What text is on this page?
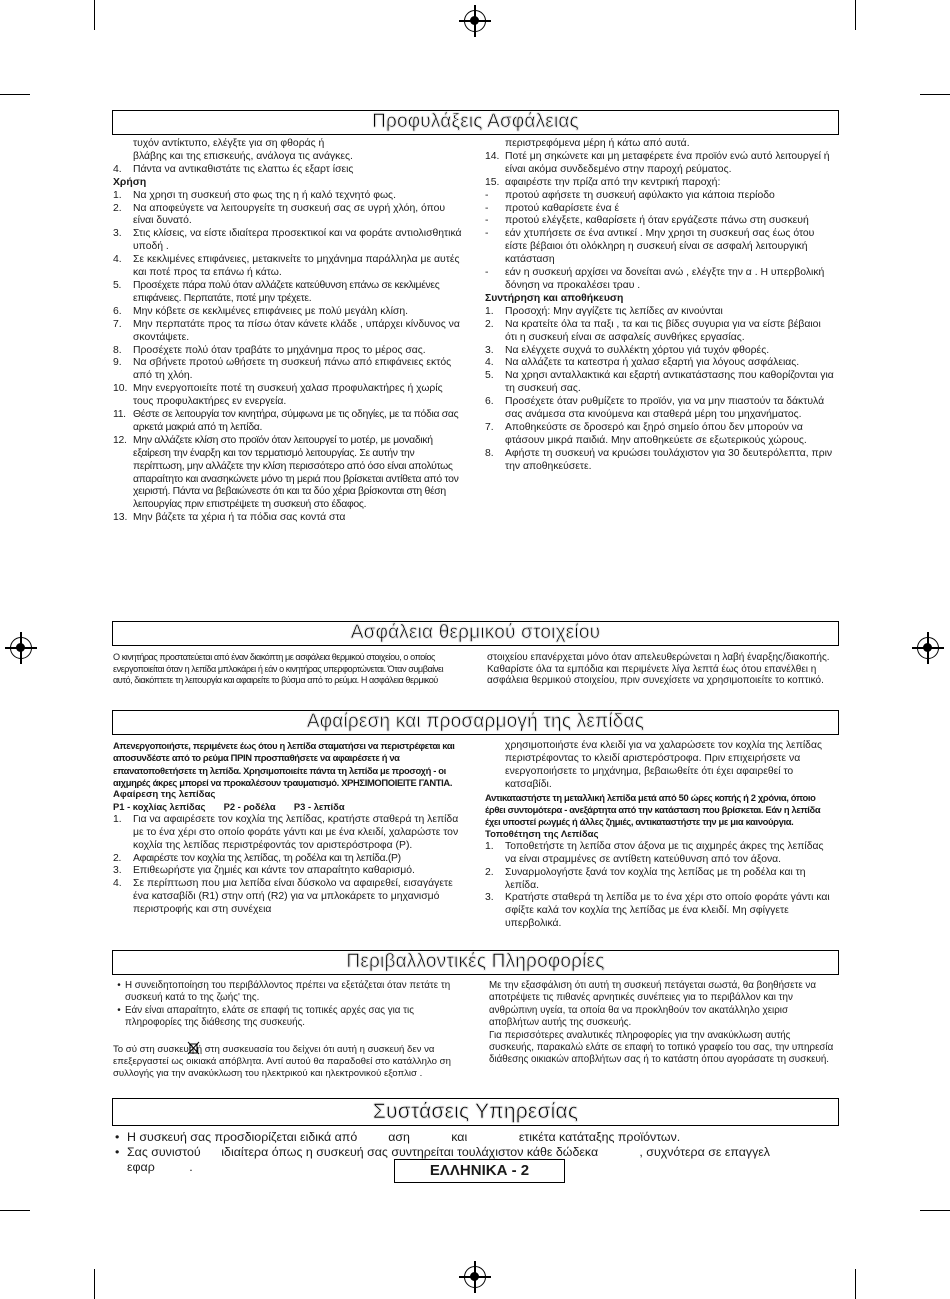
Προφυλάξεις Ασφάλειας
τυχόν αντίκτυπο, ελέγξτε για ση φθοράς ή
βλάβης και της επισκευής, ανάλογα τις ανάγκες.
4.	Πάντα να αντικαθιστάτε τις ελαττω ές εξαρτ ίσεις
Χρήση
1.	Να χρησι τη συσκευή στο φως της η ή καλό τεχνητό φως.
2.	Να αποφεύγετε να λειτουργείτε τη συσκευή σας σε υγρή χλόη, όπου είναι δυνατό.
3.	Στις κλίσεις, να είστε ιδιαίτερα προσεκτικοί και να φοράτε αντιολισθητικά υποδή .
4.	Σε κεκλιμένες επιφάνειες, μετακινείτε το μηχάνημα παράλληλα με αυτές και ποτέ προς τα επάνω ή κάτω.
5.	Προσέχετε πάρα πολύ όταν αλλάζετε κατεύθυνση επάνω σε κεκλιμένες επιφάνειες. Περπατάτε, ποτέ μην τρέχετε.
6.	Μην κόβετε σε κεκλιμένες επιφάνειες με πολύ μεγάλη κλίση.
7.	Μην περπατάτε προς τα πίσω όταν κάνετε κλάδε , υπάρχει κίνδυνος να σκοντάψετε.
8.	Προσέχετε πολύ όταν τραβάτε το μηχάνημα προς το μέρος σας.
9.	Να σβήνετε προτού ωθήσετε τη συσκευή πάνω από επιφάνειες εκτός από τη χλόη.
10. Μην ενεργοποιείτε ποτέ τη συσκευή χαλασ προφυλακτήρες ή χωρίς τους προφυλακτήρες εν ενεργεία.
11. Θέστε σε λειτουργία τον κινητήρα, σύμφωνα με τις οδηγίες, με τα πόδια σας αρκετά μακριά από τη λεπίδα.
12. Μην αλλάζετε κλίση στο προϊόν όταν λειτουργεί το μοτέρ, με μοναδική εξαίρεση την έναρξη και τον τερματισμό λειτουργίας. Σε αυτήν την περίπτωση, μην αλλάζετε την κλίση περισσότερο από όσο είναι απολύτως απαραίτητο και ανασηκώνετε μόνο τη μεριά που βρίσκεται αντίθετα από τον χειριστή. Πάντα να βεβαιώνεστε ότι και τα δύο χέρια βρίσκονται στη θέση λειτουργίας πριν επιστρέψετε τη συσκευή στο έδαφος.
13. Μην βάζετε τα χέρια ή τα πόδια σας κοντά στα
περιστρεφόμενα μέρη ή κάτω από αυτά.
14. Ποτέ μη σηκώνετε και μη μεταφέρετε ένα προϊόν ενώ αυτό λειτουργεί ή είναι ακόμα συνδεδεμένο στην παροχή ρεύματος.
15. αφαιρέστε την πρίζα από την κεντρική παροχή:
-	προτού αφήσετε τη συσκευή αφύλακτο για κάποια περίοδο
-	προτού καθαρίσετε ένα έ
-	προτού ελέγξετε, καθαρίσετε ή όταν εργάζεστε πάνω στη συσκευή
-	εάν χτυπήσετε σε ένα αντικεί . Μην χρησι τη συσκευή σας έως ότου είστε βέβαιοι ότι ολόκληρη η συσκευή είναι σε ασφαλή λειτουργική κατάσταση
-	εάν η συσκευή αρχίσει να δονείται ανώ , ελέγξτε την α . Η υπερβολική δόνηση να προκαλέσει τραυ .
Συντήρηση και αποθήκευση
1.	Προσοχή: Μην αγγίζετε τις λεπίδες αν κινούνται
2.	Να κρατείτε όλα τα παξι , τα και τις βίδες συγυρια για να είστε βέβαιοι ότι η συσκευή είναι σε ασφαλείς συνθήκες εργασίας.
3.	Να ελέγχετε συχνά το συλλέκτη χόρτου γιά τυχόν φθορές.
4.	Να αλλάζετε τα κατεστρα ή χαλασ εξαρτή για λόγους ασφάλειας.
5.	Να χρησι ανταλλακτικά και εξαρτή αντικατάστασης που καθορίζονται για τη συσκευή σας.
6.	Προσέχετε όταν ρυθμίζετε το προϊόν, για να μην πιαστούν τα δάκτυλά σας ανάμεσα στα κινούμενα και σταθερά μέρη του μηχανήματος.
7.	Αποθηκεύστε σε δροσερό και ξηρό σημείο όπου δεν μπορούν να φτάσουν μικρά παιδιά. Μην αποθηκεύετε σε εξωτερικούς χώρους.
8.	Αφήστε τη συσκευή να κρυώσει τουλάχιστον για 30 δευτερόλεπτα, πριν την αποθηκεύσετε.
Ασφάλεια θερμικού στοιχείου
Ο κινητήρας προστατεύεται από έναν διακόπτη με ασφάλεια θερμικού στοιχείου, ο οποίος ενεργοποιείται όταν η λεπίδα μπλοκάρει ή εάν ο κινητήρας υπερφορτώνεται. Όταν συμβαίνει αυτό, διακόπτετε τη λειτουργία και αφαιρείτε το βύσμα από το ρεύμα. Η ασφάλεια θερμικού
στοιχείου επανέρχεται μόνο όταν απελευθερώνεται η λαβή έναρξης/διακοπής. Καθαρίστε όλα τα εμπόδια και περιμένετε λίγα λεπτά έως ότου επανέλθει η ασφάλεια θερμικού στοιχείου, πριν συνεχίσετε να χρησιμοποιείτε το κοπτικό.
Αφαίρεση και προσαρμογή της λεπίδας

Απενεργοποιήστε, περιμένετε έως ότου η λεπίδα σταματήσει να περιστρέφεται και αποσυνδέστε από το ρεύμα ΠΡΙΝ προσπαθήσετε να αφαιρέσετε ή να επανατοποθετήσετε τη λεπίδα. Χρησιμοποιείτε πάντα τη λεπίδα με προσοχή - οι αιχμηρές άκρες μπορεί να προκαλέσουν τραυματισμό. ΧΡΗΣΙΜΟΠΟΙΕΙΤΕ ΓΑΝΤΙΑ.

Αφαίρεση της λεπίδας

P1 - κοχλίας λεπίδας       P2 - ροδέλα       P3 - λεπίδα

1.	Για να αφαιρέσετε τον κοχλία της λεπίδας, κρατήστε σταθερά τη λεπίδα με το ένα χέρι στο οποίο φοράτε γάντι και με ένα κλειδί, χαλαρώστε τον κοχλία της λεπίδας περιστρέφοντάς τον αριστερόστροφα (P).
2.	Αφαιρέστε τον κοχλία της λεπίδας, τη ροδέλα και τη λεπίδα.(P)
3.	Επιθεωρήστε για ζημιές και κάντε τον απαραίτητο καθαρισμό.
4.	Σε περίπτωση που μια λεπίδα είναι δύσκολο να αφαιρεθεί, εισαγάγετε ένα κατσαβίδι (R1) στην οπή (R2) για να μπλοκάρετε το μηχανισμό περιστροφής και στη συνέχεια

χρησιμοποιήστε ένα κλειδί για να χαλαρώσετε τον κοχλία της λεπίδας περιστρέφοντας το κλειδί αριστερόστροφα. Πριν επιχειρήσετε να ενεργοποιήσετε το μηχάνημα, βεβαιωθείτε ότι έχει αφαιρεθεί το κατσαβίδι.

Αντικαταστήστε τη μεταλλική λεπίδα μετά από 50 ώρες κοπής ή 2 χρόνια, όποιο έρθει συντομότερα - ανεξάρτητα από την κατάσταση που βρίσκεται. Εάν η λεπίδα έχει υποστεί ρωγμές ή άλλες ζημιές, αντικαταστήστε την με μια καινούργια.

Τοποθέτηση της Λεπίδας

1.	Τοποθετήστε τη λεπίδα στον άξονα με τις αιχμηρές άκρες της λεπίδας να είναι στραμμένες σε αντίθετη κατεύθυνση από τον άξονα.
2.	Συναρμολογήστε ξανά τον κοχλία της λεπίδας με τη ροδέλα και τη λεπίδα.
3.	Κρατήστε σταθερά τη λεπίδα με το ένα χέρι στο οποίο φοράτε γάντι και σφίξτε καλά τον κοχλία της λεπίδας με ένα κλειδί. Μη σφίγγετε υπερβολικά.
Περιβαλλοντικές Πληροφορίες
• Η συνειδητοποίηση του περιβάλλοντος πρέπει να εξετάζεται όταν πετάτε τη συσκευή κατά το της ζωής' της.
• Εάν είναι απαραίτητο, ελάτε σε επαφή τις τοπικές αρχές σας για τις πληροφορίες της διάθεσης της συσκευής.

Το σύ στη συσκευή ή στη συσκευασία του δείχνει ότι αυτή η συσκευή δεν να επεξεργαστεί ως οικιακά απόβλητα. Αντί αυτού θα παραδοθεί στο κατάλληλο ση συλλογής για την ανακύκλωση του ηλεκτρικού και ηλεκτρονικού εξοπλισ .

Με την εξασφάλιση ότι αυτή τη συσκευή πετάγεται σωστά, θα βοηθήσετε να αποτρέψετε τις πιθανές αρνητικές συνέπειες για το περιβάλλον και την ανθρώπινη υγεία, τα οποία θα να προκληθούν τον ακατάλληλο χειρισ αποβλήτων αυτής της συσκευής.
Για περισσότερες αναλυτικές πληροφορίες για την ανακύκλωση αυτής συσκευής, παρακαλώ ελάτε σε επαφή το τοπικό γραφείο του σας, την υπηρεσία διάθεσης οικιακών αποβλήτων σας ή το κατάστη όπου αγοράσατε τη συσκευή.

Συστάσεις Υπηρεσίας
• Η συσκευή σας προσδιορίζεται ειδικά από         αση            και               ετικέτα κατάταξης προϊόντων.
• Σας συνιστού      ιδιαίτερα όπως η συσκευή σας συντηρείται τουλάχιστον κάθε δώδεκα            , συχνότερα σε επαγγελ            εφαρ          .	ΕΛΛΗΝΙΚΑ - 2
